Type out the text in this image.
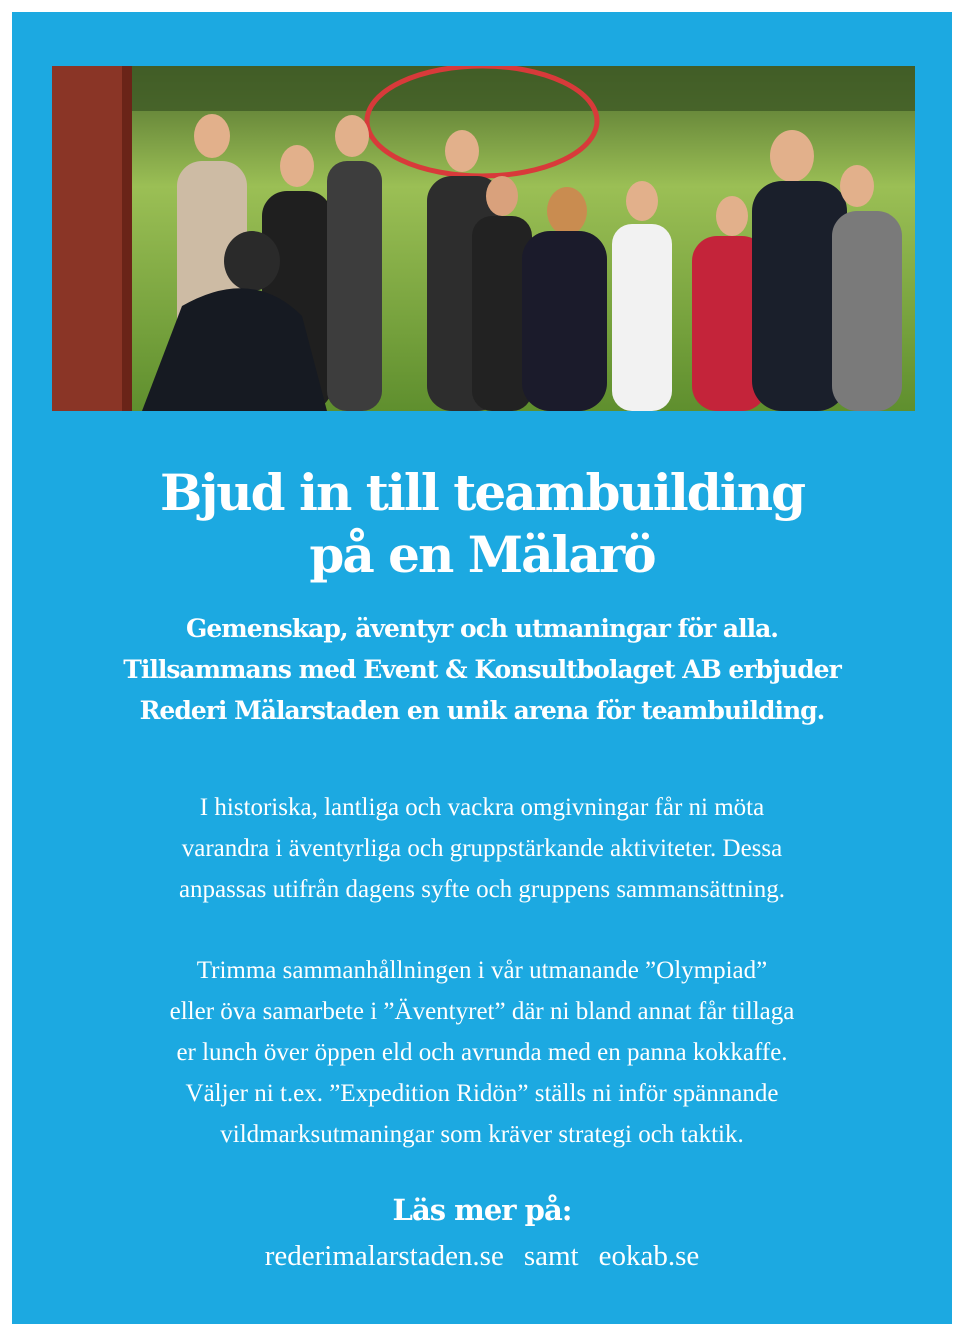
Bjud in till teambuilding
på en Mälarö
Gemenskap, äventyr och utmaningar för alla.
Tillsammans med Event & Konsultbolaget AB erbjuder
Rederi Mälarstaden en unik arena för teambuilding.
I historiska, lantliga och vackra omgivningar får ni möta
varandra i äventyrliga och gruppstärkande aktiviteter. Dessa
anpassas utifrån dagens syfte och gruppens sammansättning.
Trimma sammanhållningen i vår utmanande ”Olympiad”
eller öva samarbete i ”Äventyret” där ni bland annat får tillaga
er lunch över öppen eld och avrunda med en panna kokkaffe.
Väljer ni t.ex. ”Expedition Ridön” ställs ni inför spännande
vildmarksutmaningar som kräver strategi och taktik.
Läs mer på:
rederimalarstaden.se samt eokab.se
